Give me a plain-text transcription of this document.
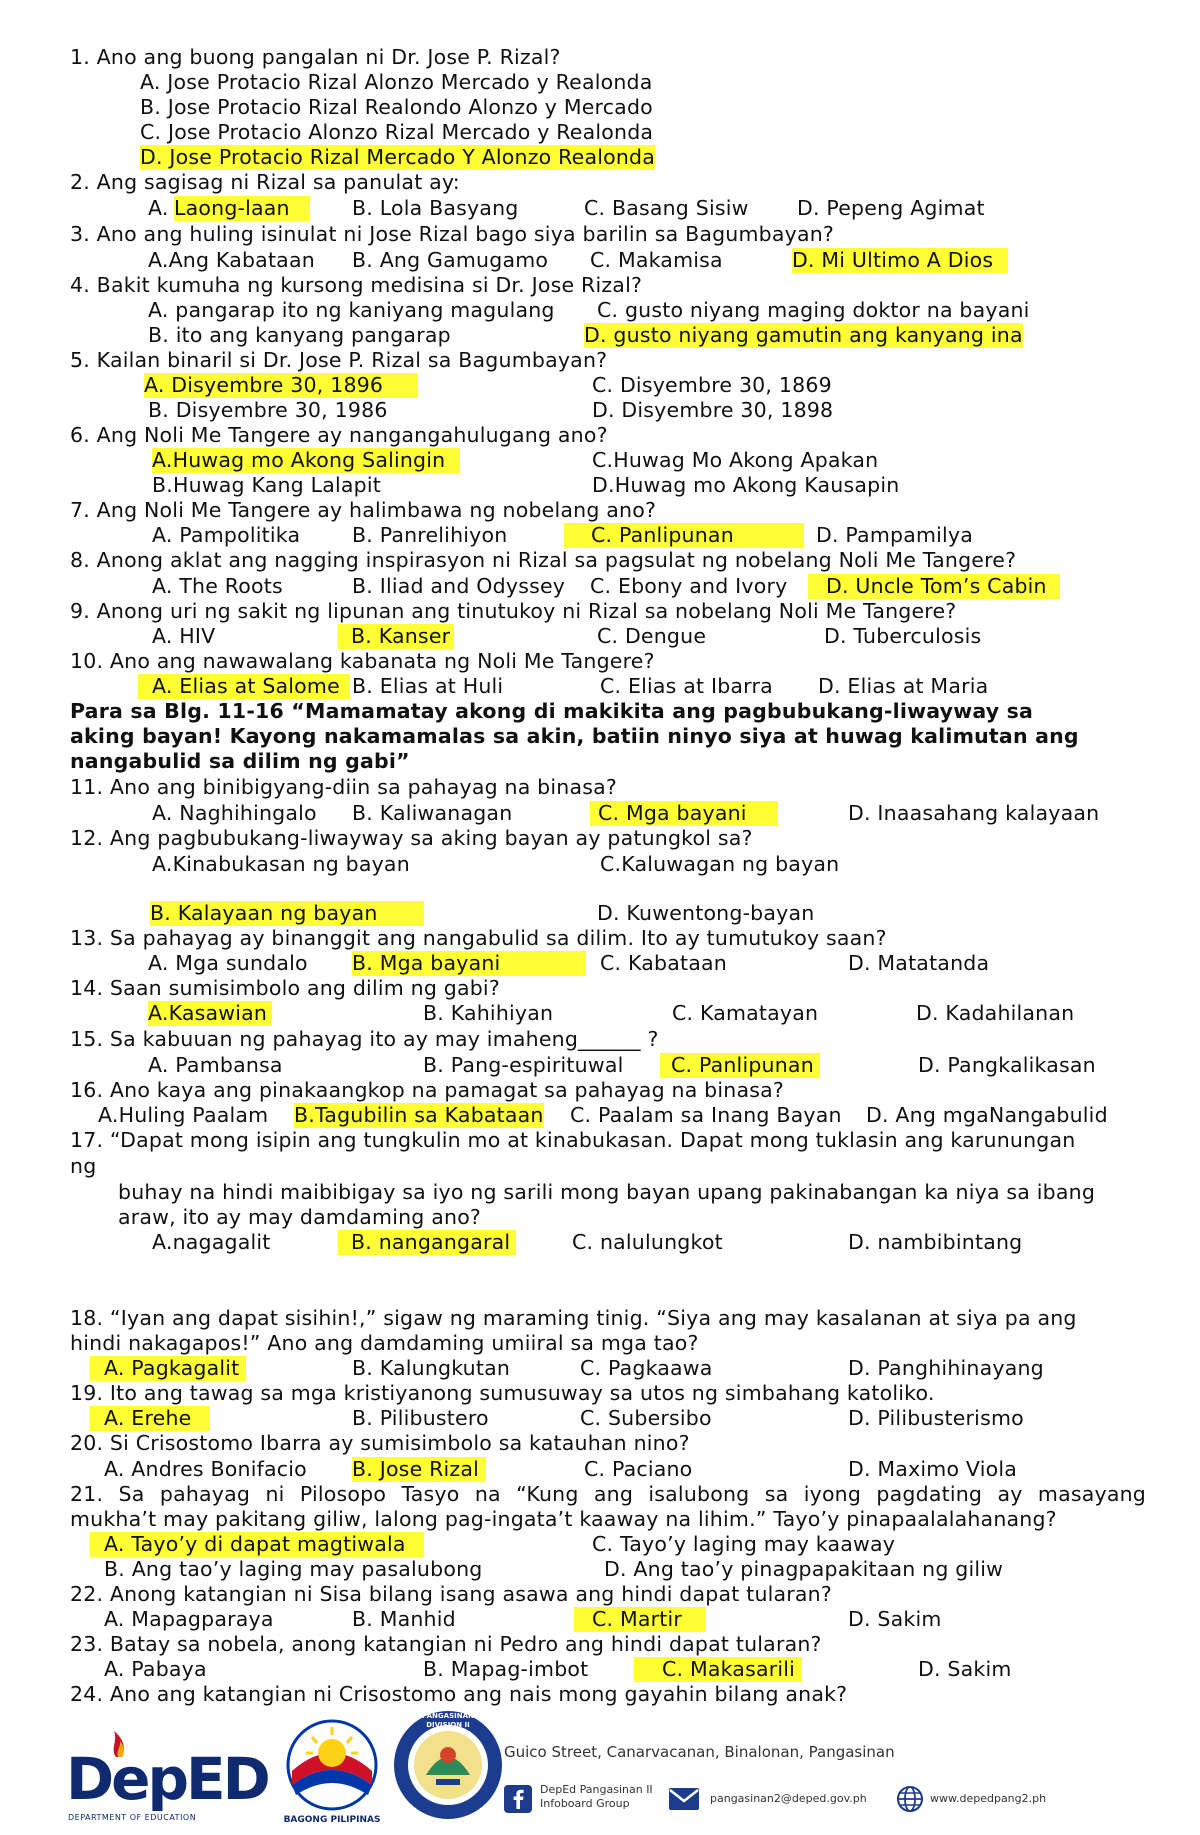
1. Ano ang buong pangalan ni Dr. Jose P. Rizal?
A. Jose Protacio Rizal Alonzo Mercado y Realonda
B. Jose Protacio Rizal Realondo Alonzo y Mercado
C. Jose Protacio Alonzo Rizal Mercado y Realonda
D. Jose Protacio Rizal Mercado Y Alonzo Realonda
2. Ang sagisag ni Rizal sa panulat ay:
A. Laong-laan	B. Lola Basyang	C. Basang Sisiw D. Pepeng Agimat
3. Ano ang huling isinulat ni Jose Rizal bago siya barilin sa Bagumbayan?
A.Ang Kabataan B. Ang Gamugamo C. Makamisa	D. Mi Ultimo A Dios
4. Bakit kumuha ng kursong medisina si Dr. Jose Rizal?
A. pangarap ito ng kaniyang magulang C. gusto niyang maging doktor na bayani
B. ito ang kanyang pangarap	D. gusto niyang gamutin ang kanyang ina
5. Kailan binaril si Dr. Jose P. Rizal sa Bagumbayan?
A. Disyembre 30, 1896	C. Disyembre 30, 1869
B. Disyembre 30, 1986	D. Disyembre 30, 1898
6. Ang Noli Me Tangere ay nangangahulugang ano?
A.Huwag mo Akong Salingin	C.Huwag Mo Akong Apakan
B.Huwag Kang Lalapit	D.Huwag mo Akong Kausapin
7. Ang Noli Me Tangere ay halimbawa ng nobelang ano?
A. Pampolitika	B. Panrelihiyon	C. Panlipunan	D. Pampamilya
8. Anong aklat ang nagging inspirasyon ni Rizal sa pagsulat ng nobelang Noli Me Tangere?
A. The Roots	B. Iliad and Odyssey C. Ebony and Ivory	D. Uncle Tom’s Cabin
9. Anong uri ng sakit ng lipunan ang tinutukoy ni Rizal sa nobelang Noli Me Tangere?
A. HIV	B. Kanser	C. Dengue	D. Tuberculosis
10. Ano ang nawawalang kabanata ng Noli Me Tangere?
A. Elias at Salome B. Elias at Huli	C. Elias at Ibarra D. Elias at Maria
Para sa Blg. 11-16 “Mamamatay akong di makikita ang pagbubukang-liwayway sa
aking bayan! Kayong nakamamalas sa akin, batiin ninyo siya at huwag kalimutan ang
nangabulid sa dilim ng gabi”
11. Ano ang binibigyang-diin sa pahayag na binasa?
A. Naghihingalo B. Kaliwanagan	C. Mga bayani	D. Inaasahang kalayaan
12. Ang pagbubukang-liwayway sa aking bayan ay patungkol sa?
A.Kinabukasan ng bayan	C.Kaluwagan ng bayan
B. Kalayaan ng bayan	D. Kuwentong-bayan
13. Sa pahayag ay binanggit ang nangabulid sa dilim. Ito ay tumutukoy saan?
A. Mga sundalo B. Mga bayani	C. Kabataan	D. Matatanda
14. Saan sumisimbolo ang dilim ng gabi?
A.Kasawian	B. Kahihiyan	C. Kamatayan	D. Kadahilanan
15. Sa kabuuan ng pahayag ito ay may imaheng______ ?
A. Pambansa	B. Pang-espirituwal	C. Panlipunan	D. Pangkalikasan
16. Ano kaya ang pinakaangkop na pamagat sa pahayag na binasa?
A.Huling Paalam B.Tagubilin sa Kabataan C. Paalam sa Inang Bayan D. Ang mgaNangabulid
17. “Dapat mong isipin ang tungkulin mo at kinabukasan. Dapat mong tuklasin ang karunungan
ng
buhay na hindi maibibigay sa iyo ng sarili mong bayan upang pakinabangan ka niya sa ibang
araw, ito ay may damdaming ano?
A.nagagalit	B. nangangaral	C. nalulungkot	D. nambibintang
18. “Iyan ang dapat sisihin!,” sigaw ng maraming tinig. “Siya ang may kasalanan at siya pa ang
hindi nakagapos!” Ano ang damdaming umiiral sa mga tao?
A. Pagkagalit	B. Kalungkutan	C. Pagkaawa	D. Panghihinayang
19. Ito ang tawag sa mga kristiyanong sumusuway sa utos ng simbahang katoliko.
A. Erehe	B. Pilibustero	C. Subersibo	D. Pilibusterismo
20. Si Crisostomo Ibarra ay sumisimbolo sa katauhan nino?
A. Andres Bonifacio B. Jose Rizal	C. Paciano	D. Maximo Viola
21. Sa pahayag ni Pilosopo Tasyo na “Kung ang isalubong sa iyong pagdating ay masayang
mukha’t may pakitang giliw, lalong pag-ingata’t kaaway na lihim.” Tayo’y pinapaalalahanang?
A. Tayo’y di dapat magtiwala	C. Tayo’y laging may kaaway
B. Ang tao’y laging may pasalubong	D. Ang tao’y pinagpapakitaan ng giliw
22. Anong katangian ni Sisa bilang isang asawa ang hindi dapat tularan?
A. Mapagparaya	B. Manhid	C. Martir	D. Sakim
23. Batay sa nobela, anong katangian ni Pedro ang hindi dapat tularan?
A. Pabaya	B. Mapag-imbot	C. Makasarili	D. Sakim
24. Ano ang katangian ni Crisostomo ang nais mong gayahin bilang anak?
DepED
DEPARTMENT OF EDUCATION	BAGONG PILIPINAS
PANGASINAN DIVISION II
Guico Street, Canarvacanan, Binalonan, Pangasinan
DepEd Pangasinan II
Infoboard Group	pangasinan2@deped.gov.ph	www.depedpang2.ph
